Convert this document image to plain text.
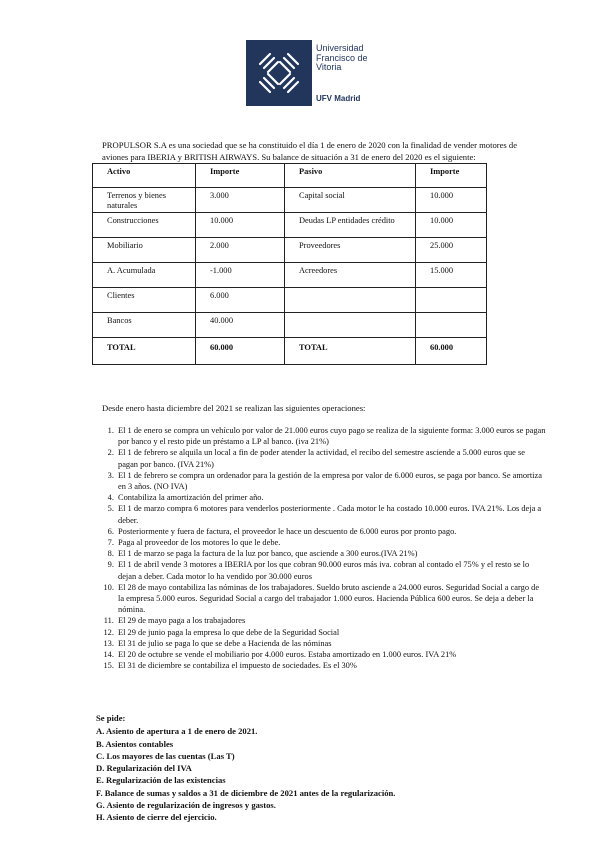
Universidad
Francisco de
Vitoria
UFV Madrid

PROPULSOR S.A es una sociedad que se ha constituido el día 1 de enero de 2020 con la finalidad de vender motores de aviones para IBERIA y BRITISH AIRWAYS. Su balance de situación a 31 de enero del 2020 es el siguiente:

Activo	Importe	Pasivo	Importe
Terrenos y bienes naturales	3.000	Capital social	10.000
Construcciones	10.000	Deudas LP entidades crédito	10.000
Mobiliario	2.000	Proveedores	25.000
A. Acumulada	-1.000	Acreedores	15.000
Clientes	6.000		
Bancos	40.000		
TOTAL	60.000	TOTAL	60.000
Desde enero hasta diciembre del 2021 se realizan las siguientes operaciones:
1. El 1 de enero se compra un vehículo por valor de 21.000 euros cuyo pago se realiza de la siguiente forma: 3.000 euros se pagan por banco y el resto pide un préstamo a LP al banco. (iva 21%)
2. El 1 de febrero se alquila un local a fin de poder atender la actividad, el recibo del semestre asciende a 5.000 euros que se pagan por banco. (IVA 21%)
3. El 1 de febrero se compra un ordenador para la gestión de la empresa por valor de 6.000 euros, se paga por banco. Se amortiza en 3 años. (NO IVA)
4. Contabiliza la amortización del primer año.
5. El 1 de marzo compra 6 motores para venderlos posteriormente . Cada motor le ha costado 10.000 euros. IVA 21%. Los deja a deber.
6. Posteriormente y fuera de factura, el proveedor le hace un descuento de 6.000 euros por pronto pago.
7. Paga al proveedor de los motores lo que le debe.
8. El 1 de marzo se paga la factura de la luz por banco, que asciende a 300 euros.(IVA 21%)
9. El 1 de abril vende 3 motores a IBERIA por los que cobran 90.000 euros más iva. cobran al contado el 75% y el resto se lo dejan a deber. Cada motor lo ha vendido por 30.000 euros
10. El 28 de mayo contabiliza las nóminas de los trabajadores. Sueldo bruto asciende a 24.000 euros. Seguridad Social a cargo de la empresa 5.000 euros. Seguridad Social a cargo del trabajador 1.000 euros. Hacienda Pública 600 euros. Se deja a deber la nómina.
11. El 29 de mayo paga a los trabajadores
12. El 29 de junio paga la empresa lo que debe de la Seguridad Social
13. El 31 de julio se paga lo que se debe a Hacienda de las nóminas
14. El 20 de octubre se vende el mobiliario por 4.000 euros. Estaba amortizado en 1.000 euros. IVA 21%
15. El 31 de diciembre se contabiliza el impuesto de sociedades. Es el 30%
Se pide:
A. Asiento de apertura a 1 de enero de 2021.
B. Asientos contables
C. Los mayores de las cuentas (Las T)
D. Regularización del IVA
E. Regularización de las existencias
F. Balance de sumas y saldos a 31 de diciembre de 2021 antes de la regularización.
G. Asiento de regularización de ingresos y gastos.
H. Asiento de cierre del ejercicio.
